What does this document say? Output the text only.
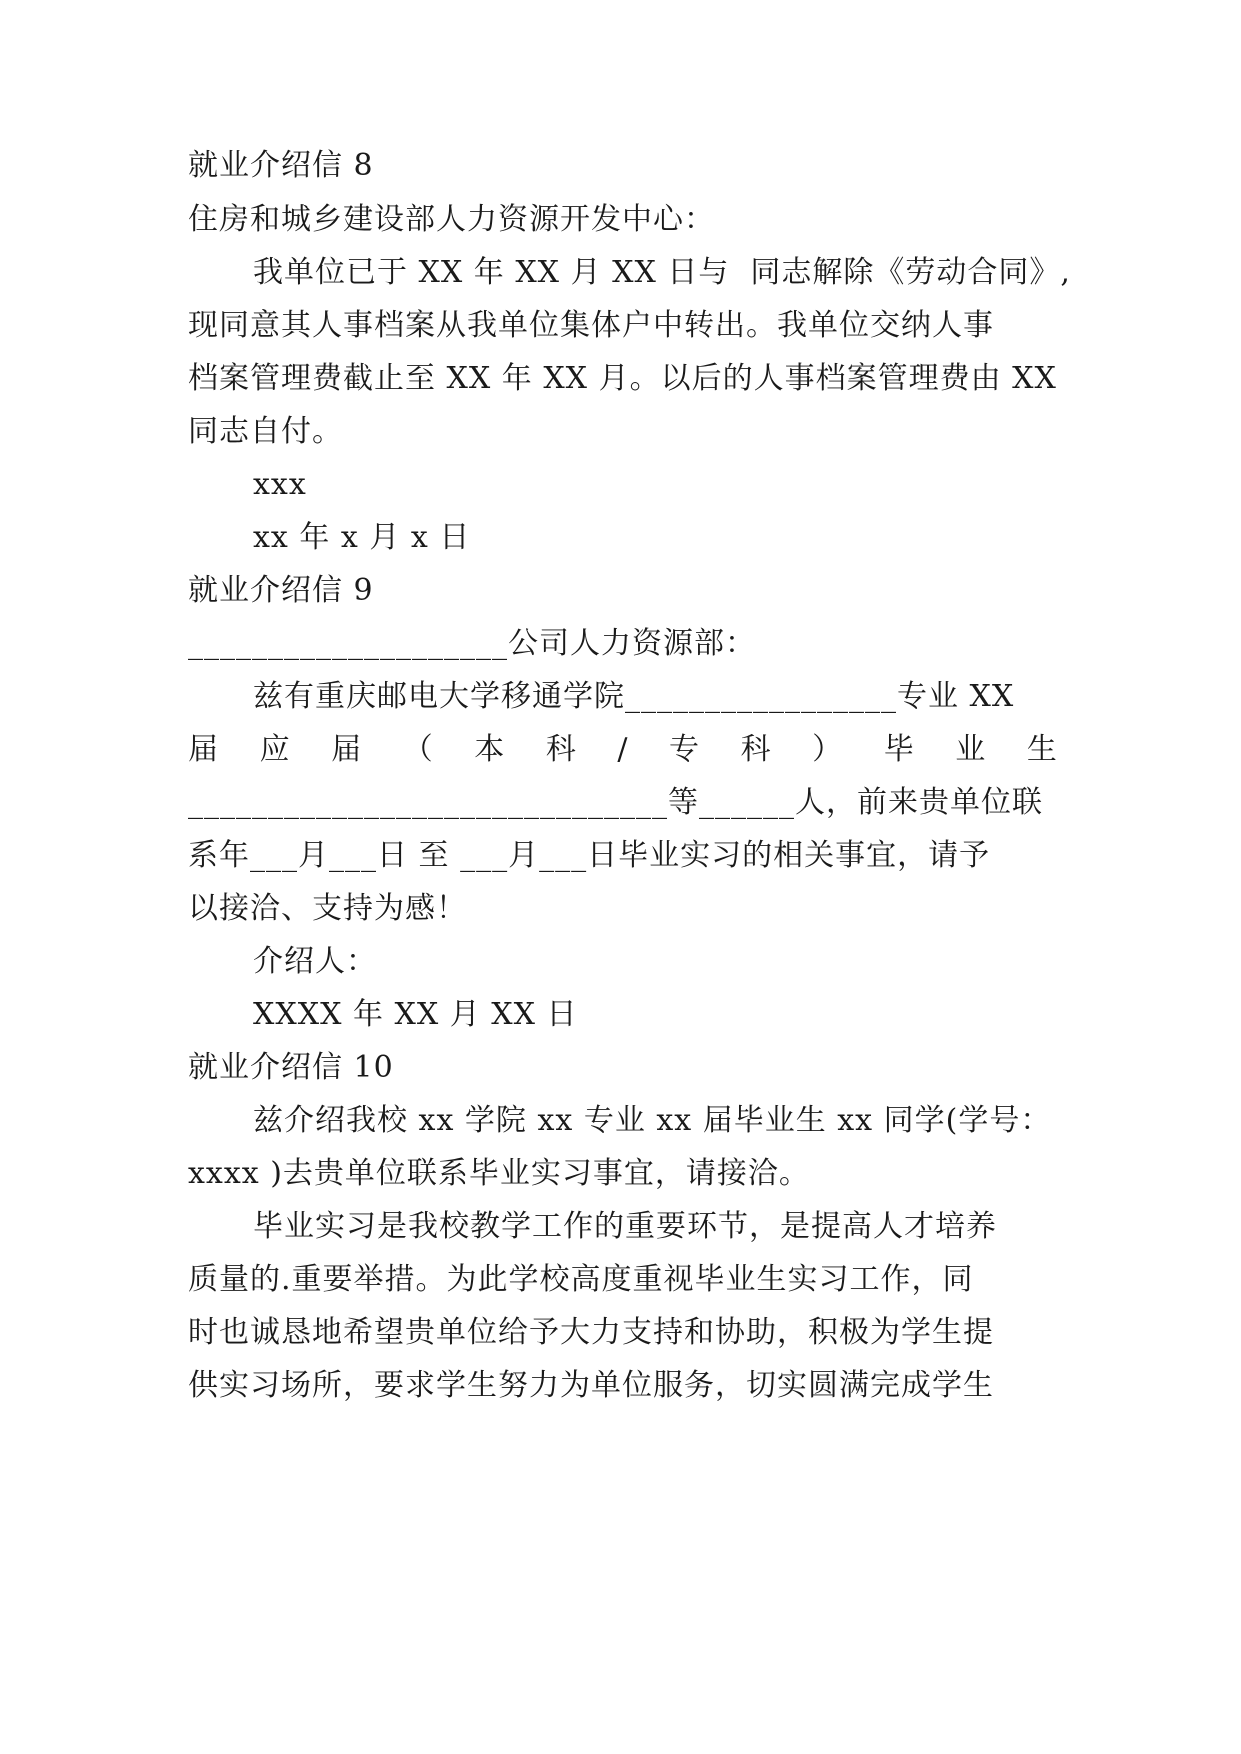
就业介绍信 8
住房和城乡建设部人力资源开发中心：
我单位已于 XX 年 XX 月 XX 日与  同志解除《劳动合同》,
现同意其人事档案从我单位集体户中转出。我单位交纳人事
档案管理费截止至 XX 年 XX 月。以后的人事档案管理费由 XX
同志自付。
xxx
xx 年 x 月 x 日
就业介绍信 9
____________________公司人力资源部：
兹有重庆邮电大学移通学院_________________专业 XX
届 应 届 （ 本 科 / 专 科 ） 毕 业 生
______________________________等______人，前来贵单位联
系年___月___日 至 ___月___日毕业实习的相关事宜，请予
以接洽、支持为感！
介绍人：
XXXX 年 XX 月 XX 日
就业介绍信 10
兹介绍我校 xx 学院 xx 专业 xx 届毕业生 xx 同学(学号：
xxxx )去贵单位联系毕业实习事宜，请接洽。
毕业实习是我校教学工作的重要环节，是提高人才培养
质量的.重要举措。为此学校高度重视毕业生实习工作，同
时也诚恳地希望贵单位给予大力支持和协助，积极为学生提
供实习场所，要求学生努力为单位服务，切实圆满完成学生
